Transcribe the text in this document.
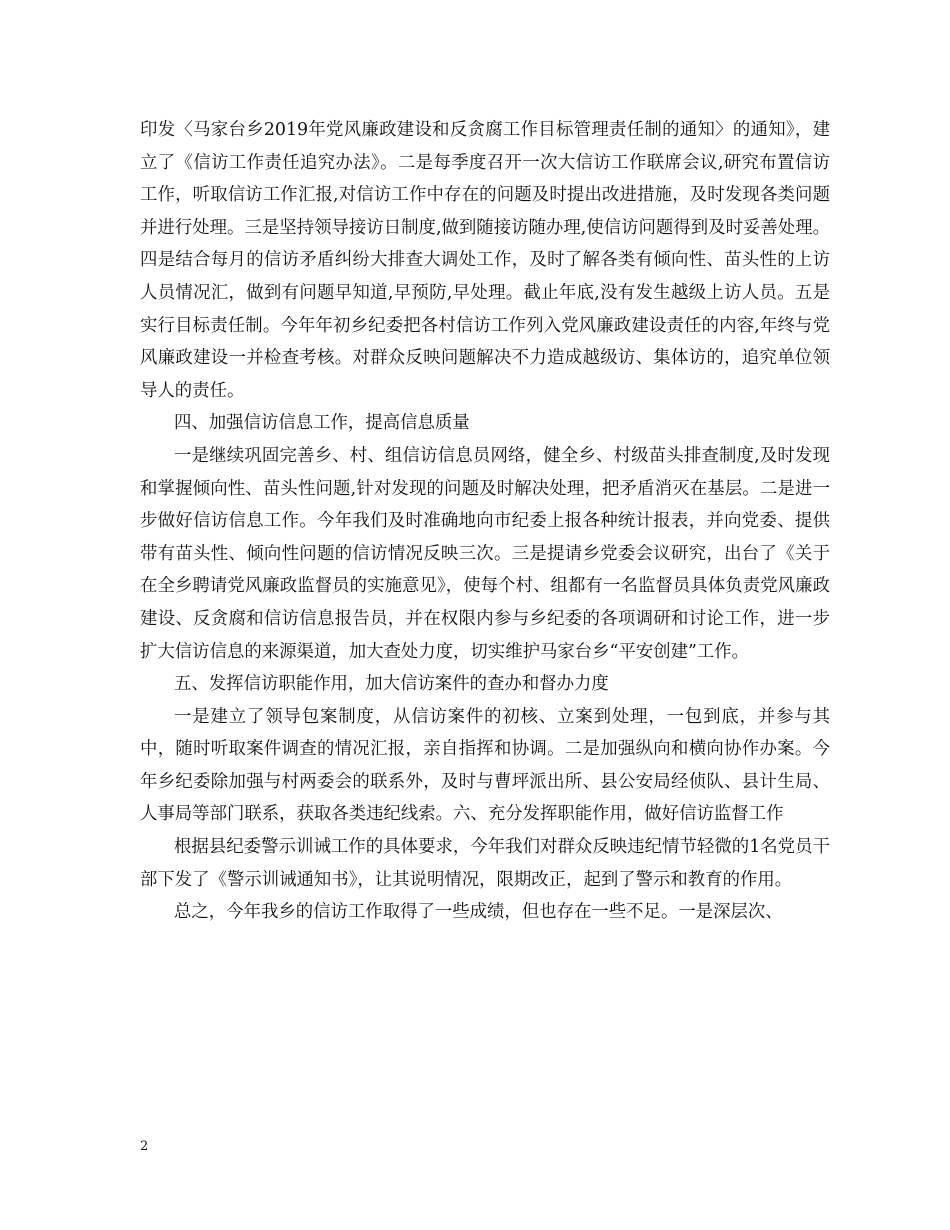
印发〈马家台乡2019年党风廉政建设和反贪腐工作目标管理责任制的通知〉的通知》，建立了《信访工作责任追究办法》。二是每季度召开一次大信访工作联席会议,研究布置信访工作，听取信访工作汇报,对信访工作中存在的问题及时提出改进措施，及时发现各类问题并进行处理。三是坚持领导接访日制度,做到随接访随办理,使信访问题得到及时妥善处理。四是结合每月的信访矛盾纠纷大排查大调处工作，及时了解各类有倾向性、苗头性的上访人员情况汇，做到有问题早知道,早预防,早处理。截止年底,没有发生越级上访人员。五是实行目标责任制。今年年初乡纪委把各村信访工作列入党风廉政建设责任的内容,年终与党风廉政建设一并检查考核。对群众反映问题解决不力造成越级访、集体访的，追究单位领导人的责任。

四、加强信访信息工作，提高信息质量

一是继续巩固完善乡、村、组信访信息员网络，健全乡、村级苗头排查制度,及时发现和掌握倾向性、苗头性问题,针对发现的问题及时解决处理，把矛盾消灭在基层。二是进一步做好信访信息工作。今年我们及时准确地向市纪委上报各种统计报表，并向党委、提供带有苗头性、倾向性问题的信访情况反映三次。三是提请乡党委会议研究，出台了《关于在全乡聘请党风廉政监督员的实施意见》，使每个村、组都有一名监督员具体负责党风廉政建设、反贪腐和信访信息报告员，并在权限内参与乡纪委的各项调研和讨论工作，进一步扩大信访信息的来源渠道，加大查处力度，切实维护马家台乡“平安创建”工作。

五、发挥信访职能作用，加大信访案件的查办和督办力度

一是建立了领导包案制度，从信访案件的初核、立案到处理，一包到底，并参与其中，随时听取案件调查的情况汇报，亲自指挥和协调。二是加强纵向和横向协作办案。今年乡纪委除加强与村两委会的联系外，及时与曹坪派出所、县公安局经侦队、县计生局、人事局等部门联系，获取各类违纪线索。六、充分发挥职能作用，做好信访监督工作

根据县纪委警示训诫工作的具体要求，今年我们对群众反映违纪情节轻微的1名党员干部下发了《警示训诫通知书》，让其说明情况，限期改正，起到了警示和教育的作用。

总之，今年我乡的信访工作取得了一些成绩，但也存在一些不足。一是深层次、

2
